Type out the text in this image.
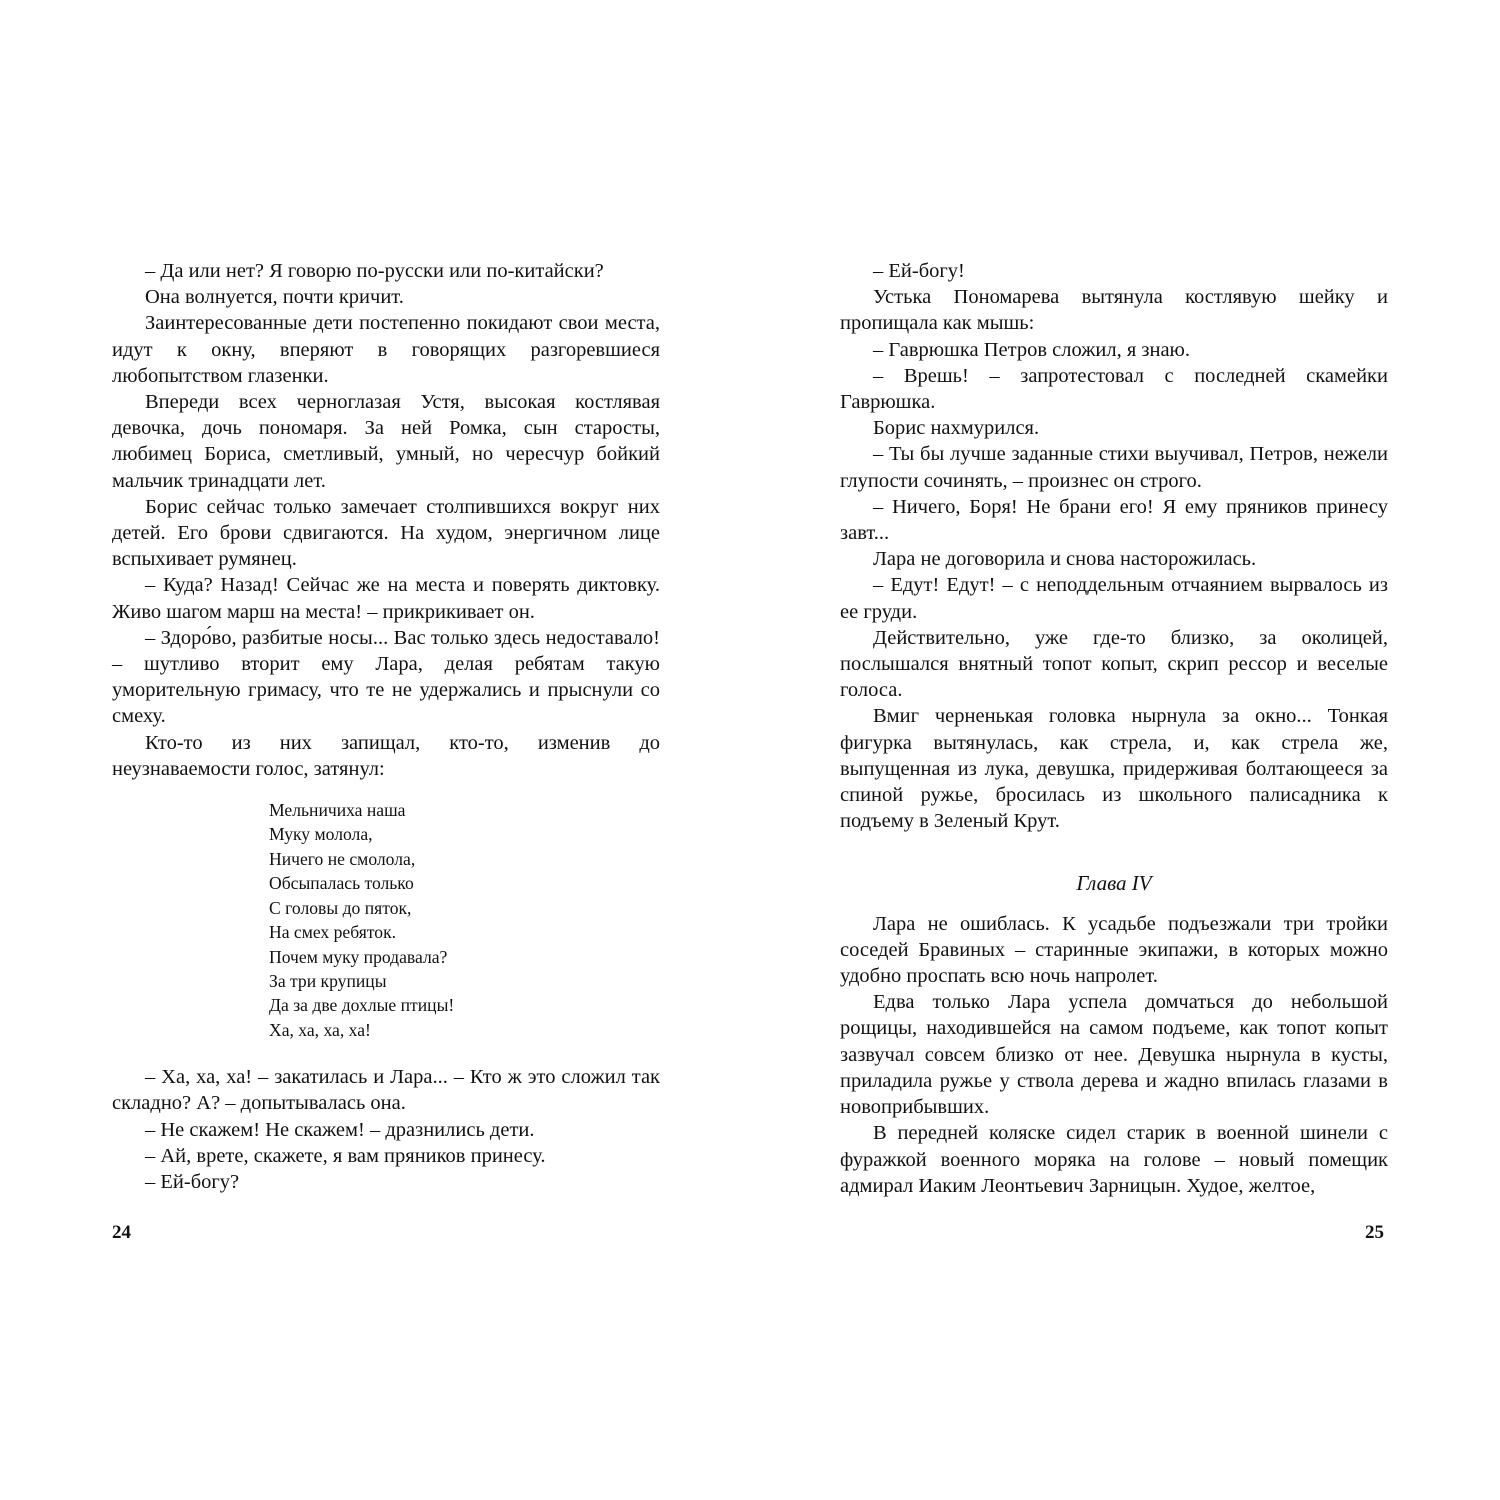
– Да или нет? Я говорю по-русски или по-китайски?

Она волнуется, почти кричит.

Заинтересованные дети постепенно покидают свои места, идут к окну, вперяют в говорящих разгоревшиеся любопытством глазенки.

Впереди всех черноглазая Устя, высокая костлявая девочка, дочь пономаря. За ней Ромка, сын старосты, любимец Бориса, сметливый, умный, но чересчур бойкий мальчик тринадцати лет.

Борис сейчас только замечает столпившихся вокруг них детей. Его брови сдвигаются. На худом, энергичном лице вспыхивает румянец.

– Куда? Назад! Сейчас же на места и поверять диктовку. Живо шагом марш на места! – прикрикивает он.

– Здоро́во, разбитые носы... Вас только здесь недоставало! – шутливо вторит ему Лара, делая ребятам такую уморительную гримасу, что те не удержались и прыснули со смеху.

Кто-то из них запищал, кто-то, изменив до неузнаваемости голос, затянул:

Мельничиха наша
Муку молола,
Ничего не смолола,
Обсыпалась только
С головы до пяток,
На смех ребяток.
Почем муку продавала?
За три крупицы
Да за две дохлые птицы!
Ха, ха, ха, ха!

– Ха, ха, ха! – закатилась и Лара... – Кто ж это сложил так складно? А? – допытывалась она.

– Не скажем! Не скажем! – дразнились дети.

– Ай, врете, скажете, я вам пряников принесу.

– Ей-богу?

– Ей-богу!

Устька Пономарева вытянула костлявую шейку и пропищала как мышь:

– Гаврюшка Петров сложил, я знаю.

– Врешь! – запротестовал с последней скамейки Гаврюшка.

Борис нахмурился.

– Ты бы лучше заданные стихи выучивал, Петров, нежели глупости сочинять, – произнес он строго.

– Ничего, Боря! Не брани его! Я ему пряников принесу завт...

Лара не договорила и снова насторожилась.

– Едут! Едут! – с неподдельным отчаянием вырвалось из ее груди.

Действительно, уже где-то близко, за околицей, послышался внятный топот копыт, скрип рессор и веселые голоса.

Вмиг черненькая головка нырнула за окно... Тонкая фигурка вытянулась, как стрела, и, как стрела же, выпущенная из лука, девушка, придерживая болтающееся за спиной ружье, бросилась из школьного палисадника к подъему в Зеленый Крут.

Глава IV

Лара не ошиблась. К усадьбе подъезжали три тройки соседей Бравиных – старинные экипажи, в которых можно удобно проспать всю ночь напролет.

Едва только Лара успела домчаться до небольшой рощицы, находившейся на самом подъеме, как топот копыт зазвучал совсем близко от нее. Девушка нырнула в кусты, приладила ружье у ствола дерева и жадно впилась глазами в новоприбывших.

В передней коляске сидел старик в военной шинели с фуражкой военного моряка на голове – новый помещик адмирал Иаким Леонтьевич Зарницын. Худое, желтое,

24	25
